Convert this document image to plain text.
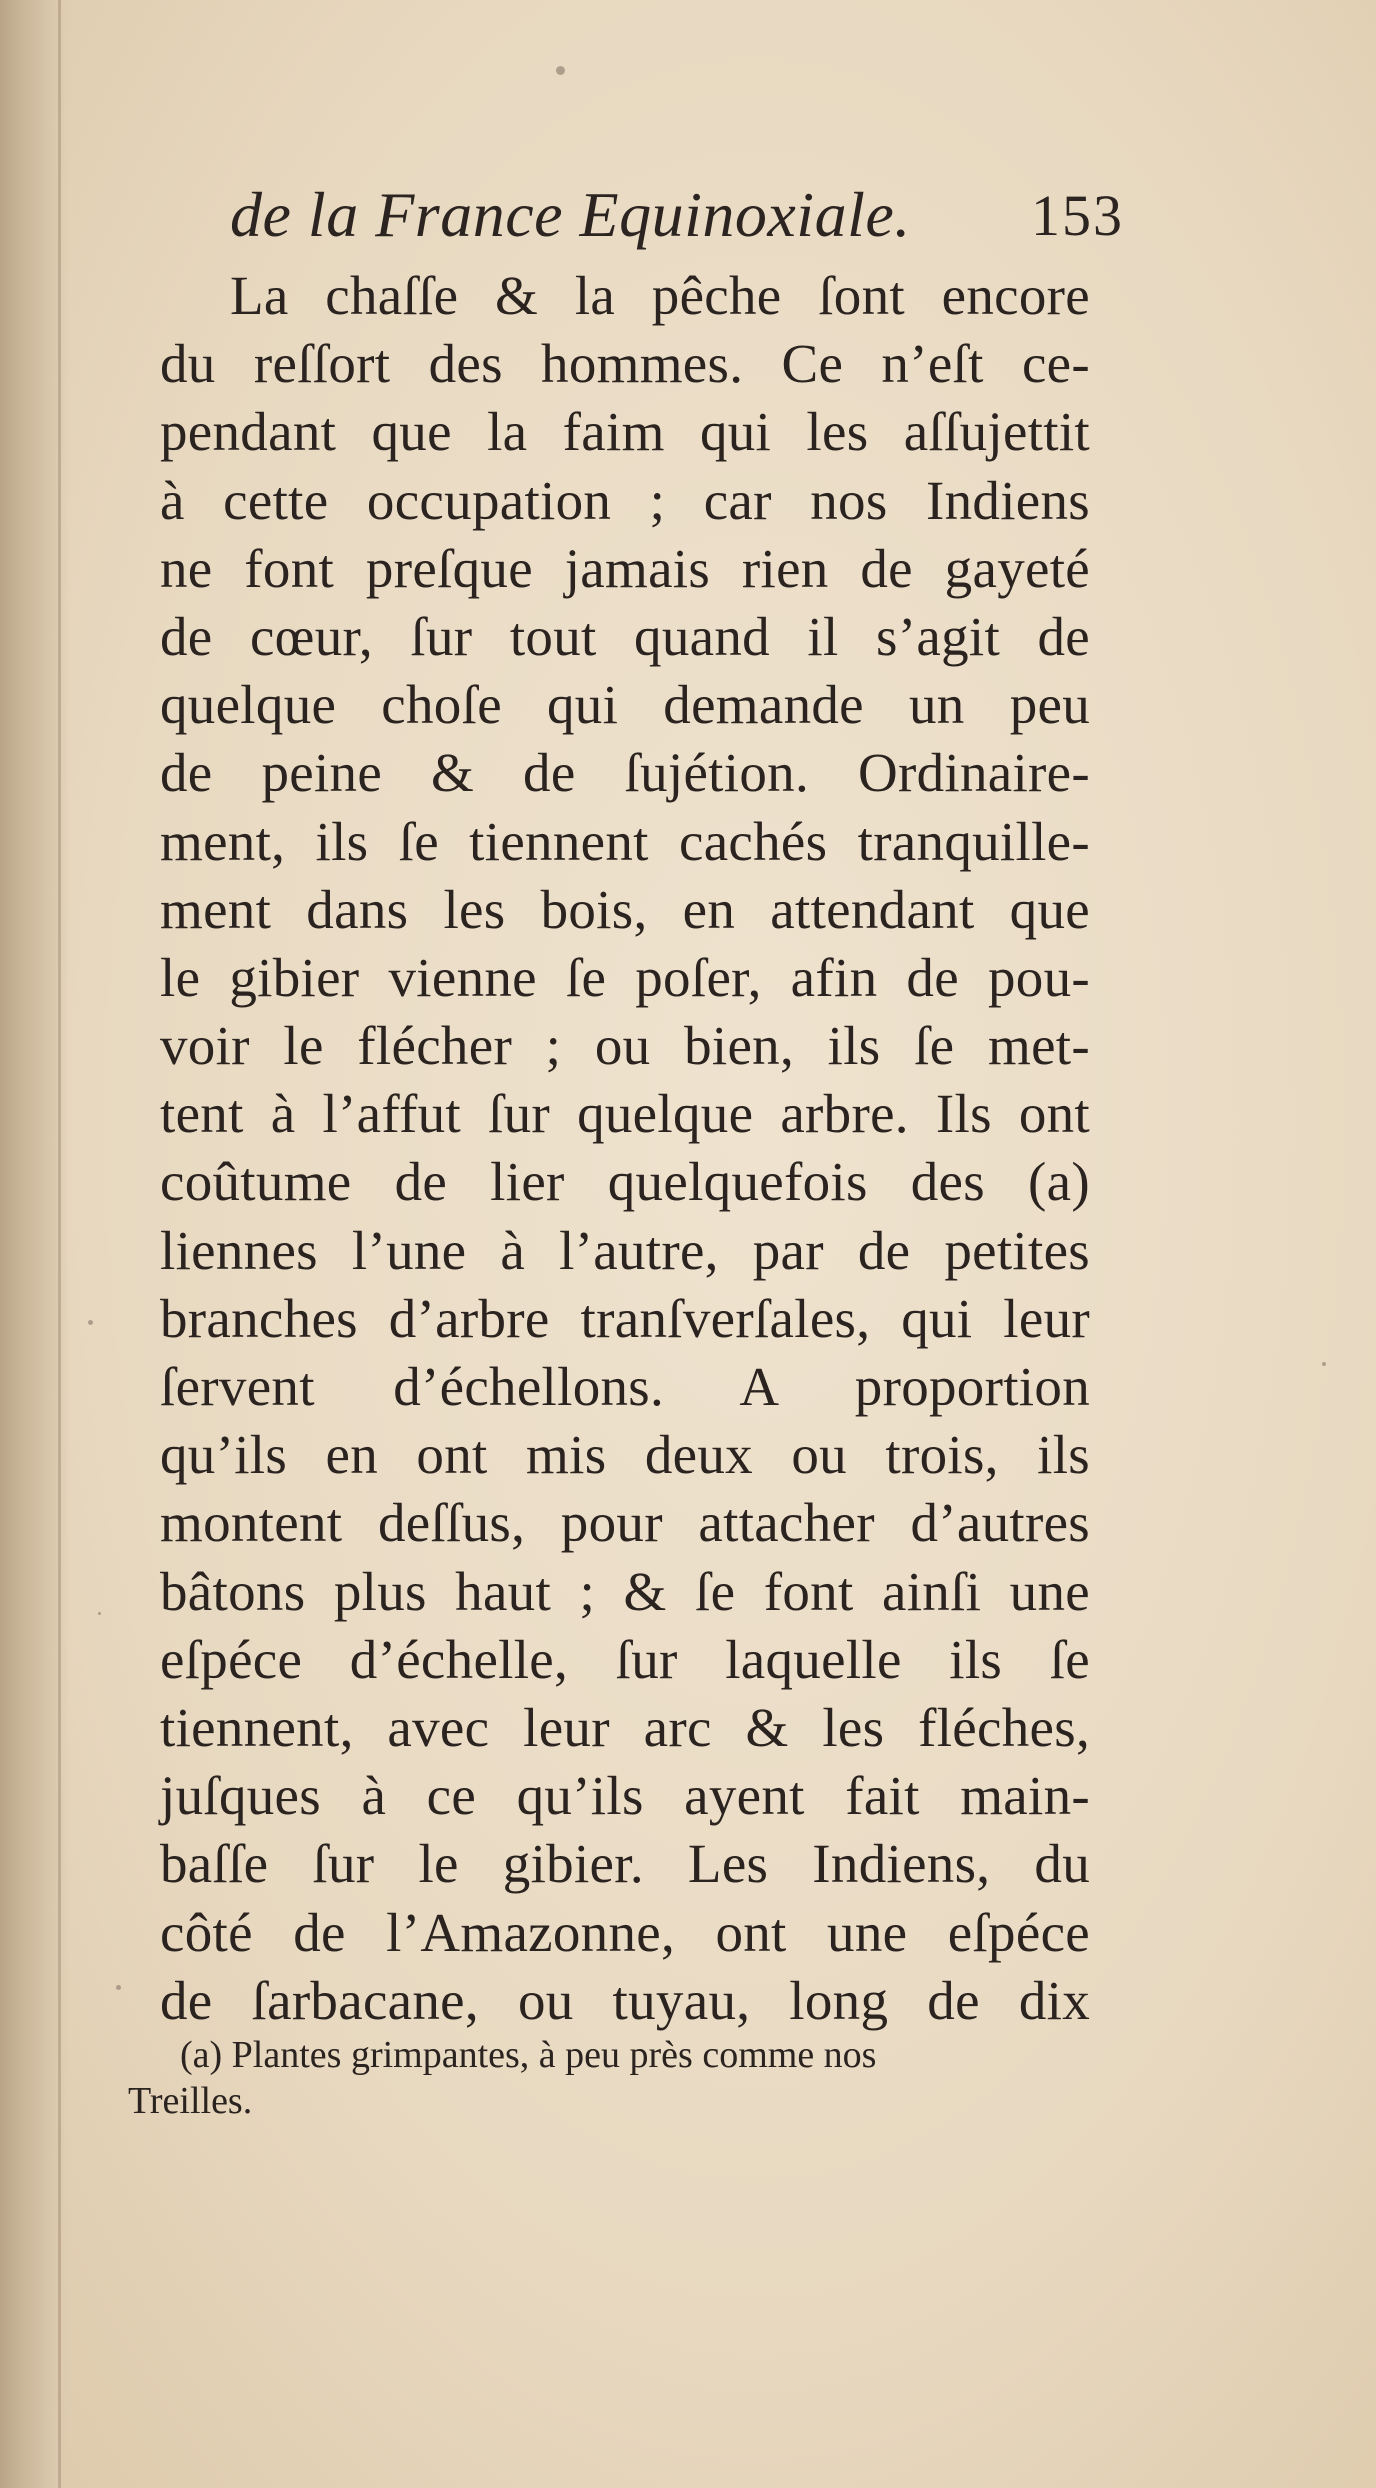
de la France Equinoxiale. 153
La chaſſe & la pêche ſont encore
du reſſort des hommes. Ce n’eſt ce-
pendant que la faim qui les aſſujettit
à cette occupation ; car nos Indiens
ne font preſque jamais rien de gayeté
de cœur, ſur tout quand il s’agit de
quelque choſe qui demande un peu
de peine & de ſujétion. Ordinaire-
ment, ils ſe tiennent cachés tranquille-
ment dans les bois, en attendant que
le gibier vienne ſe poſer, afin de pou-
voir le flécher ; ou bien, ils ſe met-
tent à l’affut ſur quelque arbre. Ils ont
coûtume de lier quelquefois des (a)
liennes l’une à l’autre, par de petites
branches d’arbre tranſverſales, qui leur
ſervent d’échellons. A proportion
qu’ils en ont mis deux ou trois, ils
montent deſſus, pour attacher d’autres
bâtons plus haut ; & ſe font ainſi une
eſpéce d’échelle, ſur laquelle ils ſe
tiennent, avec leur arc & les fléches,
juſques à ce qu’ils ayent fait main-
baſſe ſur le gibier. Les Indiens, du
côté de l’Amazonne, ont une eſpéce
de ſarbacane, ou tuyau, long de dix
(a) Plantes grimpantes, à peu près comme nos
Treilles.
